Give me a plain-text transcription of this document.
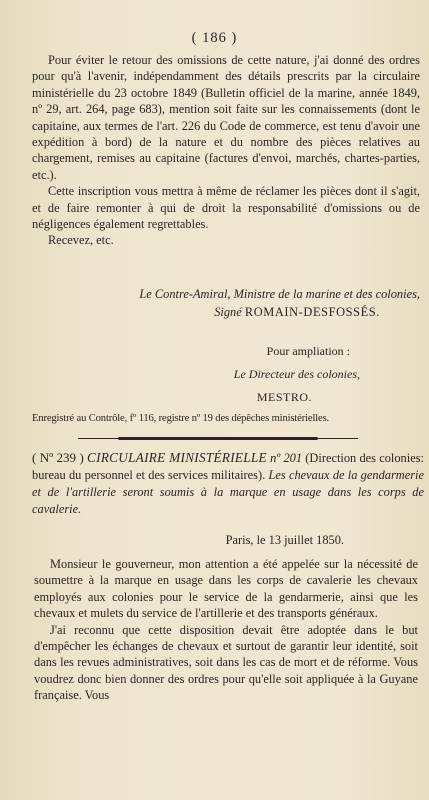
( 186 )

Pour éviter le retour des omissions de cette nature, j'ai donné des ordres pour qu'à l'avenir, indépendamment des détails prescrits par la circulaire ministérielle du 23 octobre 1849 (Bulletin officiel de la marine, année 1849, nº 29, art. 264, page 683), mention soit faite sur les connaissements (dont le capitaine, aux termes de l'art. 226 du Code de commerce, est tenu d'avoir une expédition à bord) de la nature et du nombre des pièces relatives au chargement, remises au capitaine (factures d'envoi, marchés, chartes-parties, etc.).

Cette inscription vous mettra à même de réclamer les pièces dont il s'agit, et de faire remonter à qui de droit la responsabilité d'omissions ou de négligences également regrettables.

Recevez, etc.

Le Contre-Amiral, Ministre de la marine et des colonies,
Signé ROMAIN-DESFOSSÉS.
Pour ampliation :
Le Directeur des colonies,
MESTRO.
Enregistré au Contrôle, fº 116, registre nº 19 des dépêches ministérielles.
( Nº 239 ) CIRCULAIRE MINISTÉRIELLE nº 201 (Direction des colonies: bureau du personnel et des services militaires). Les chevaux de la gendarmerie et de l'artillerie seront soumis à la marque en usage dans les corps de cavalerie.
Paris, le 13 juillet 1850.

Monsieur le gouverneur, mon attention a été appelée sur la nécessité de soumettre à la marque en usage dans les corps de cavalerie les chevaux employés aux colonies pour le service de la gendarmerie, ainsi que les chevaux et mulets du service de l'artillerie et des transports généraux.

J'ai reconnu que cette disposition devait être adoptée dans le but d'empêcher les échanges de chevaux et surtout de garantir leur identité, soit dans les revues administratives, soit dans les cas de mort et de réforme. Vous voudrez donc bien donner des ordres pour qu'elle soit appliquée à la Guyane française. Vous
